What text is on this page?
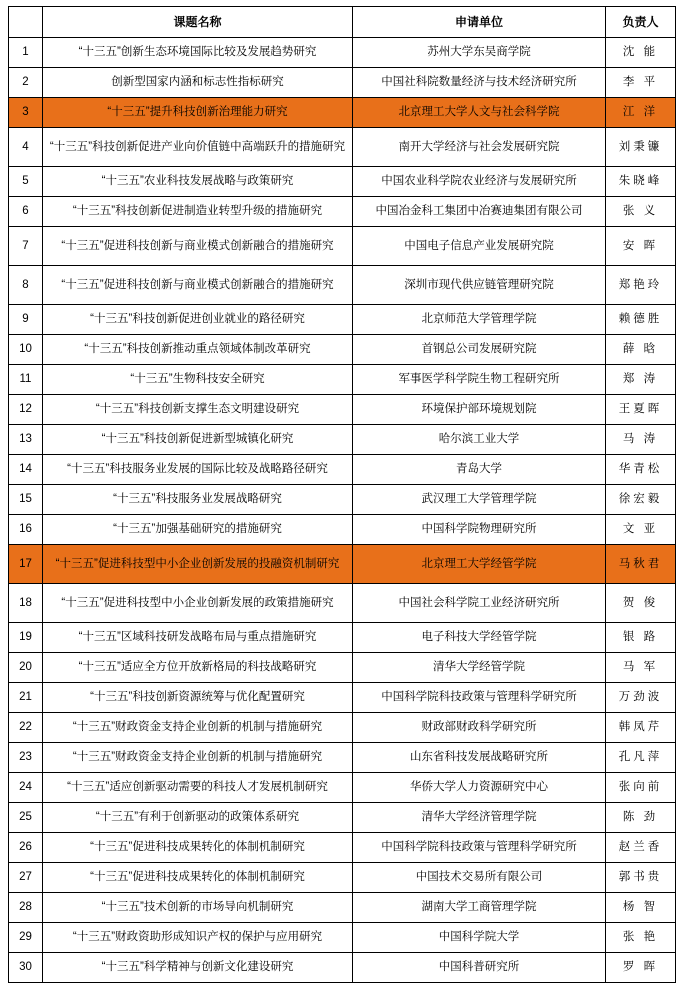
	课题名称	申请单位	负责人
1	“十三五”创新生态环境国际比较及发展趋势研究	苏州大学东吴商学院	沈 能
2	创新型国家内涵和标志性指标研究	中国社科院数量经济与技术经济研究所	李 平
3	“十三五”提升科技创新治理能力研究	北京理工大学人文与社会科学院	江 洋
4	“十三五”科技创新促进产业向价值链中高端跃升的措施研究	南开大学经济与社会发展研究院	刘秉镰
5	“十三五”农业科技发展战略与政策研究	中国农业科学院农业经济与发展研究所	朱晓峰
6	“十三五”科技创新促进制造业转型升级的措施研究	中国冶金科工集团中冶赛迪集团有限公司	张 义
7	“十三五”促进科技创新与商业模式创新融合的措施研究	中国电子信息产业发展研究院	安 晖
8	“十三五”促进科技创新与商业模式创新融合的措施研究	深圳市现代供应链管理研究院	郑艳玲
9	“十三五”科技创新促进创业就业的路径研究	北京师范大学管理学院	赖德胜
10	“十三五”科技创新推动重点领域体制改革研究	首钢总公司发展研究院	薛 晗
11	“十三五”生物科技安全研究	军事医学科学院生物工程研究所	郑 涛
12	“十三五”科技创新支撑生态文明建设研究	环境保护部环境规划院	王夏晖
13	“十三五”科技创新促进新型城镇化研究	哈尔滨工业大学	马 涛
14	“十三五”科技服务业发展的国际比较及战略路径研究	青岛大学	华青松
15	“十三五”科技服务业发展战略研究	武汉理工大学管理学院	徐宏毅
16	“十三五”加强基础研究的措施研究	中国科学院物理研究所	文 亚
17	“十三五”促进科技型中小企业创新发展的投融资机制研究	北京理工大学经管学院	马秋君
18	“十三五”促进科技型中小企业创新发展的政策措施研究	中国社会科学院工业经济研究所	贺 俊
19	“十三五”区域科技研发战略布局与重点措施研究	电子科技大学经管学院	银 路
20	“十三五”适应全方位开放新格局的科技战略研究	清华大学经管学院	马 军
21	“十三五”科技创新资源统筹与优化配置研究	中国科学院科技政策与管理科学研究所	万劲波
22	“十三五”财政资金支持企业创新的机制与措施研究	财政部财政科学研究所	韩凤芹
23	“十三五”财政资金支持企业创新的机制与措施研究	山东省科技发展战略研究所	孔凡萍
24	“十三五”适应创新驱动需要的科技人才发展机制研究	华侨大学人力资源研究中心	张向前
25	“十三五”有利于创新驱动的政策体系研究	清华大学经济管理学院	陈 劲
26	“十三五”促进科技成果转化的体制机制研究	中国科学院科技政策与管理科学研究所	赵兰香
27	“十三五”促进科技成果转化的体制机制研究	中国技术交易所有限公司	郭书贵
28	“十三五”技术创新的市场导向机制研究	湖南大学工商管理学院	杨 智
29	“十三五”财政资助形成知识产权的保护与应用研究	中国科学院大学	张 艳
30	“十三五”科学精神与创新文化建设研究	中国科普研究所	罗 晖
